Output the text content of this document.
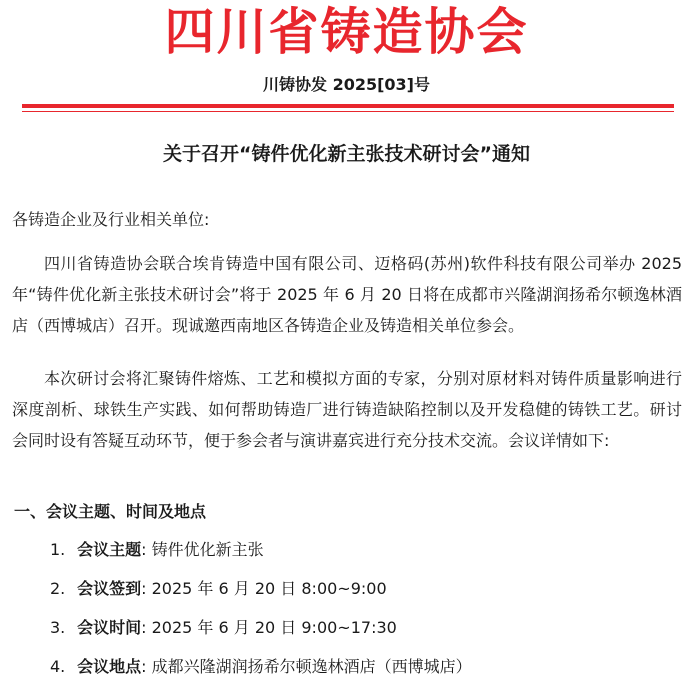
四川省铸造协会
川铸协发 2025[03]号
关于召开“铸件优化新主张技术研讨会”通知
各铸造企业及行业相关单位:

四川省铸造协会联合埃肯铸造中国有限公司、迈格码(苏州)软件科技有限公司举办 2025 年“铸件优化新主张技术研讨会”将于 2025 年 6 月 20 日将在成都市兴隆湖润扬希尔顿逸林酒店（西博城店）召开。现诚邀西南地区各铸造企业及铸造相关单位参会。

本次研讨会将汇聚铸件熔炼、工艺和模拟方面的专家，分别对原材料对铸件质量影响进行深度剖析、球铁生产实践、如何帮助铸造厂进行铸造缺陷控制以及开发稳健的铸铁工艺。研讨会同时设有答疑互动环节，便于参会者与演讲嘉宾进行充分技术交流。会议详情如下:

一、会议主题、时间及地点
1. 会议主题: 铸件优化新主张
2. 会议签到: 2025 年 6 月 20 日 8:00~9:00
3. 会议时间: 2025 年 6 月 20 日 9:00~17:30
4. 会议地点: 成都兴隆湖润扬希尔顿逸林酒店（西博城店）
